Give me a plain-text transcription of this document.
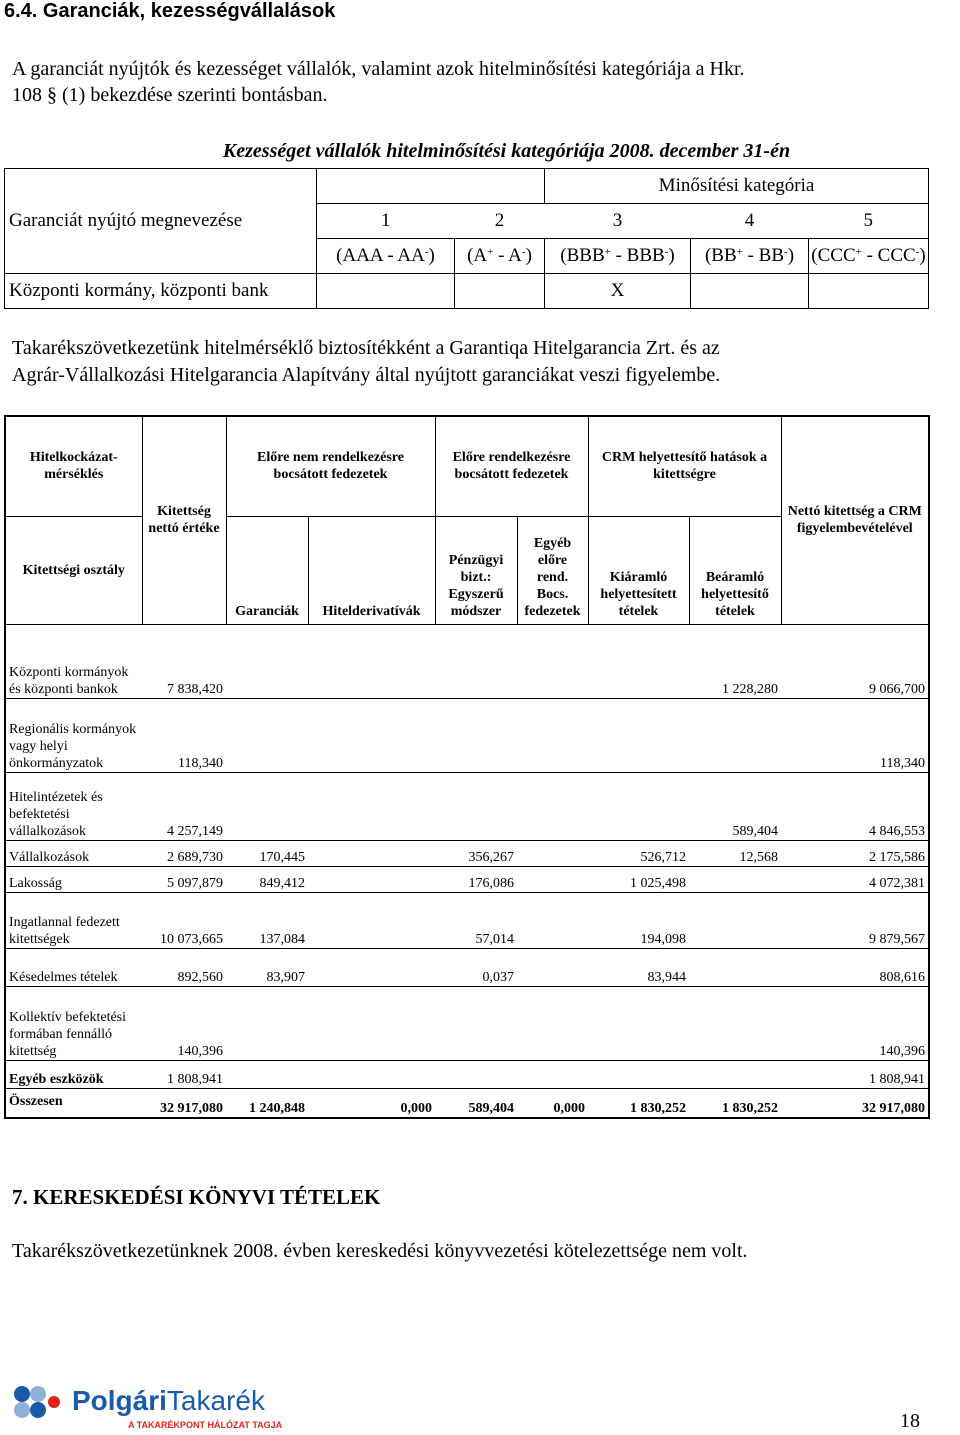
6.4. Garanciák, kezességvállalások
A garanciát nyújtók és kezességet vállalók, valamint azok hitelminősítési kategóriája a Hkr.
108 § (1) bekezdése szerinti bontásban.
Kezességet vállalók hitelminősítési kategóriája 2008. december 31-én					
			Minősítési kategória		
Garanciát nyújtó megnevezése	1	2	3	4	5
	(AAA - AA-)	(A+ - A-)	(BBB+ - BBB-)	(BB+ - BB-)	(CCC+ - CCC-)
Központi kormány, központi bank			X		
Takarékszövetkezetünk hitelmérséklő biztosítékként a Garantiqa Hitelgarancia Zrt. és az
Agrár-Vállalkozási Hitelgarancia Alapítvány által nyújtott garanciákat veszi figyelembe.
Hitelkockázat-mérséklés	Kitettség nettó értéke	Előre nem rendelkezésre bocsátott fedezetek		Előre rendelkezésre bocsátott fedezetek		CRM helyettesítő hatások a kitettségre		Nettó kitettség a CRM figyelembevételével
Kitettségi osztály		Garanciák	Hitelderivatívák	Pénzügyi bizt.: Egyszerű módszer	Egyéb előre rend. Bocs. fedezetek	Kiáramló helyettesített tételek	Beáramló helyettesítő tételek	
Központi kormányok és központi bankok	7 838,420						1 228,280	9 066,700
Regionális kormányok vagy helyi önkormányzatok	118,340							118,340
Hitelintézetek és befektetési vállalkozások	4 257,149						589,404	4 846,553
Vállalkozások	2 689,730	170,445		356,267		526,712	12,568	2 175,586
Lakosság	5 097,879	849,412		176,086		1 025,498		4 072,381
Ingatlannal fedezett kitettségek	10 073,665	137,084		57,014		194,098		9 879,567
Késedelmes tételek	892,560	83,907		0,037		83,944		808,616
Kollektív befektetési formában fennálló kitettség	140,396							140,396
Egyéb eszközök	1 808,941							1 808,941
Összesen	32 917,080	1 240,848	0,000	589,404	0,000	1 830,252	1 830,252	32 917,080
7. KERESKEDÉSI KÖNYVI TÉTELEK
Takarékszövetkezetünknek 2008. évben kereskedési könyvvezetési kötelezettsége nem volt.
PolgáriTakarék
A TAKARÉKPONT HÁLÓZAT TAGJA	18
